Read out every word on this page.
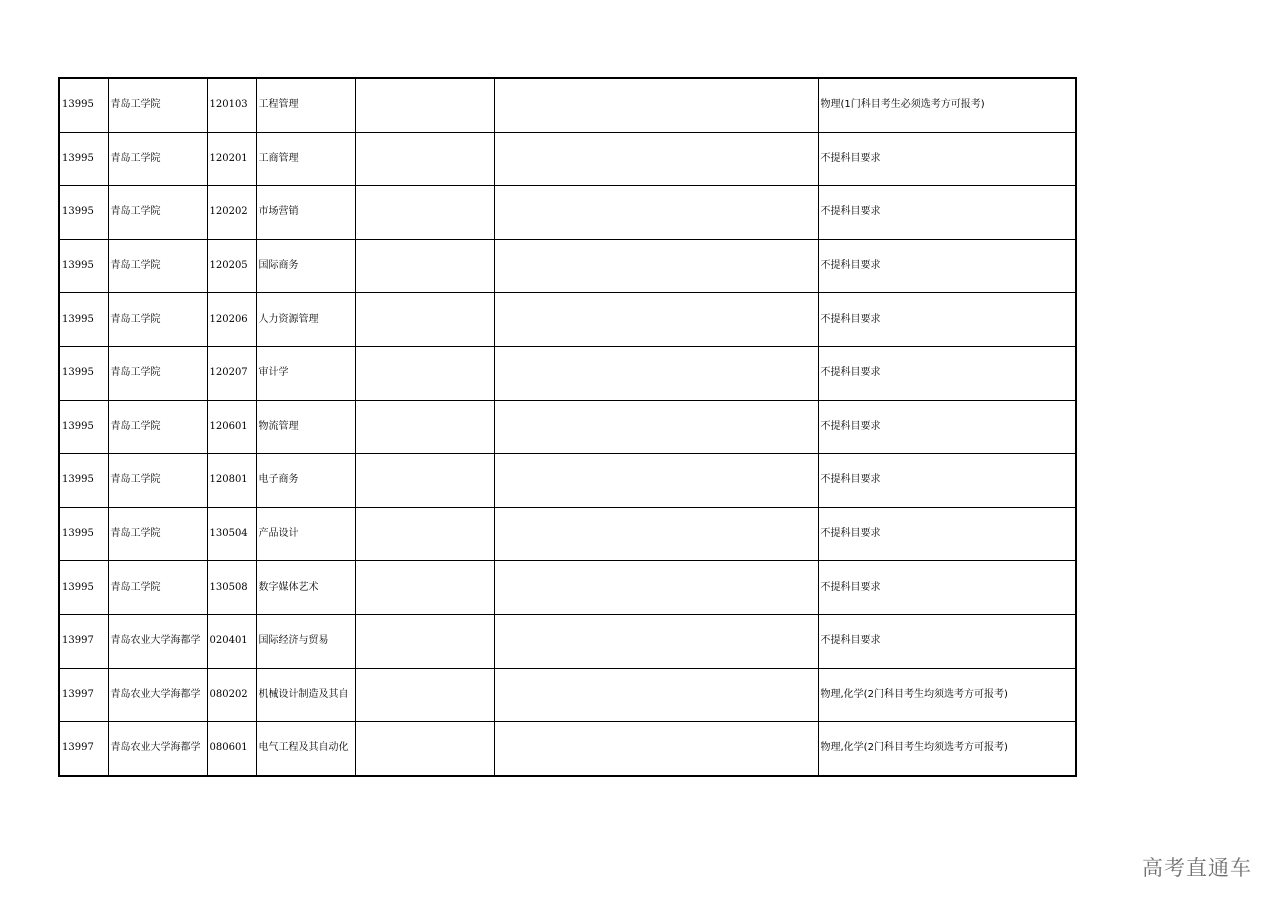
13995	青岛工学院	120103	工程管理			物理(1门科目考生必须选考方可报考)
13995	青岛工学院	120201	工商管理			不提科目要求
13995	青岛工学院	120202	市场营销			不提科目要求
13995	青岛工学院	120205	国际商务			不提科目要求
13995	青岛工学院	120206	人力资源管理			不提科目要求
13995	青岛工学院	120207	审计学			不提科目要求
13995	青岛工学院	120601	物流管理			不提科目要求
13995	青岛工学院	120801	电子商务			不提科目要求
13995	青岛工学院	130504	产品设计			不提科目要求
13995	青岛工学院	130508	数字媒体艺术			不提科目要求
13997	青岛农业大学海都学	020401	国际经济与贸易			不提科目要求
13997	青岛农业大学海都学	080202	机械设计制造及其自			物理,化学(2门科目考生均须选考方可报考)
13997	青岛农业大学海都学	080601	电气工程及其自动化			物理,化学(2门科目考生均须选考方可报考)
高考直通车
